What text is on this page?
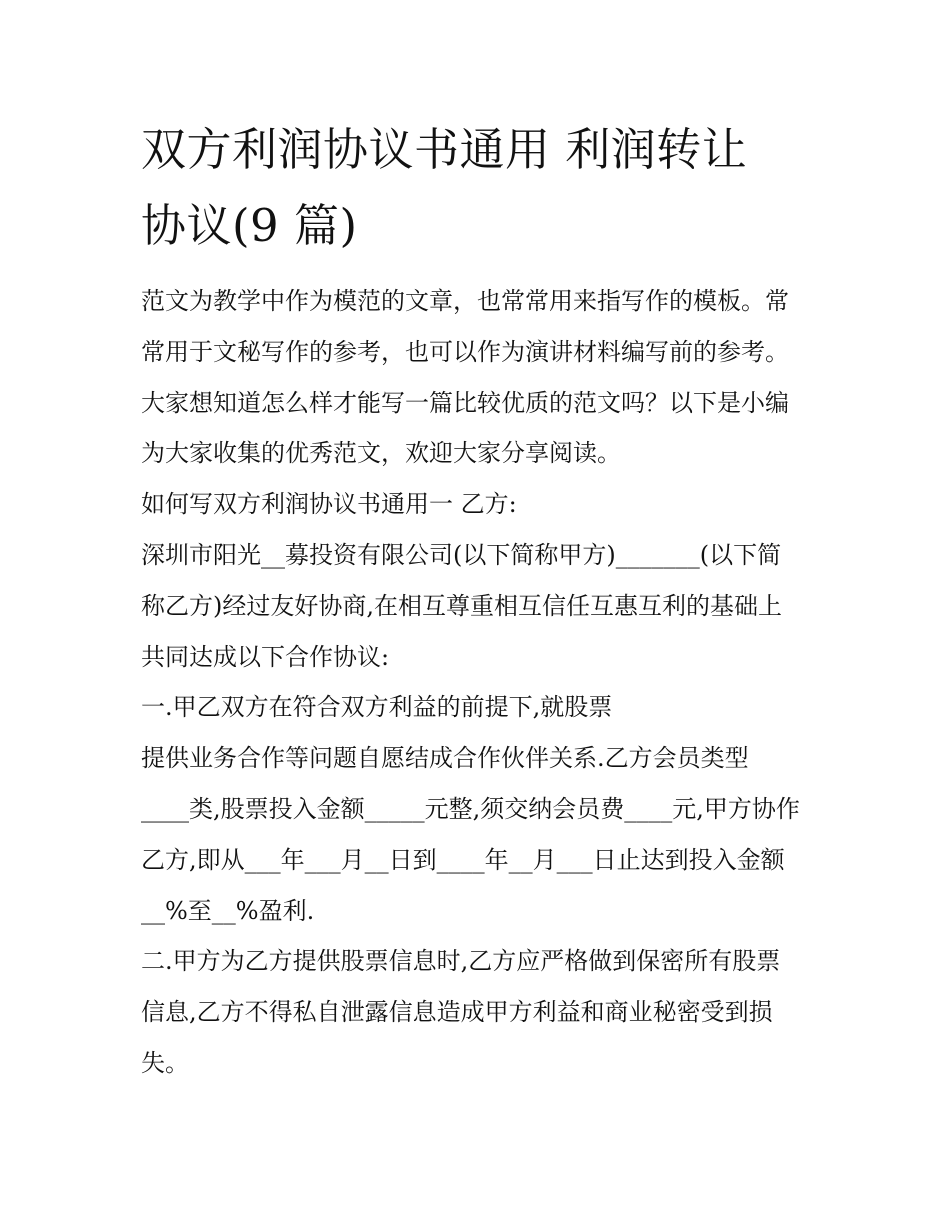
双方利润协议书通用 利润转让
协议(9 篇)
范文为教学中作为模范的文章，也常常用来指写作的模板。常
常用于文秘写作的参考，也可以作为演讲材料编写前的参考。
大家想知道怎么样才能写一篇比较优质的范文吗？以下是小编
为大家收集的优秀范文，欢迎大家分享阅读。
如何写双方利润协议书通用一 乙方:
深圳市阳光__募投资有限公司(以下简称甲方)_______(以下简
称乙方)经过友好协商,在相互尊重相互信任互惠互利的基础上
共同达成以下合作协议:
一.甲乙双方在符合双方利益的前提下,就股票
提供业务合作等问题自愿结成合作伙伴关系.乙方会员类型
____类,股票投入金额_____元整,须交纳会员费____元,甲方协作
乙方,即从___年___月__日到____年__月___日止达到投入金额
__%至__%盈利.
二.甲方为乙方提供股票信息时,乙方应严格做到保密所有股票
信息,乙方不得私自泄露信息造成甲方利益和商业秘密受到损
失。
